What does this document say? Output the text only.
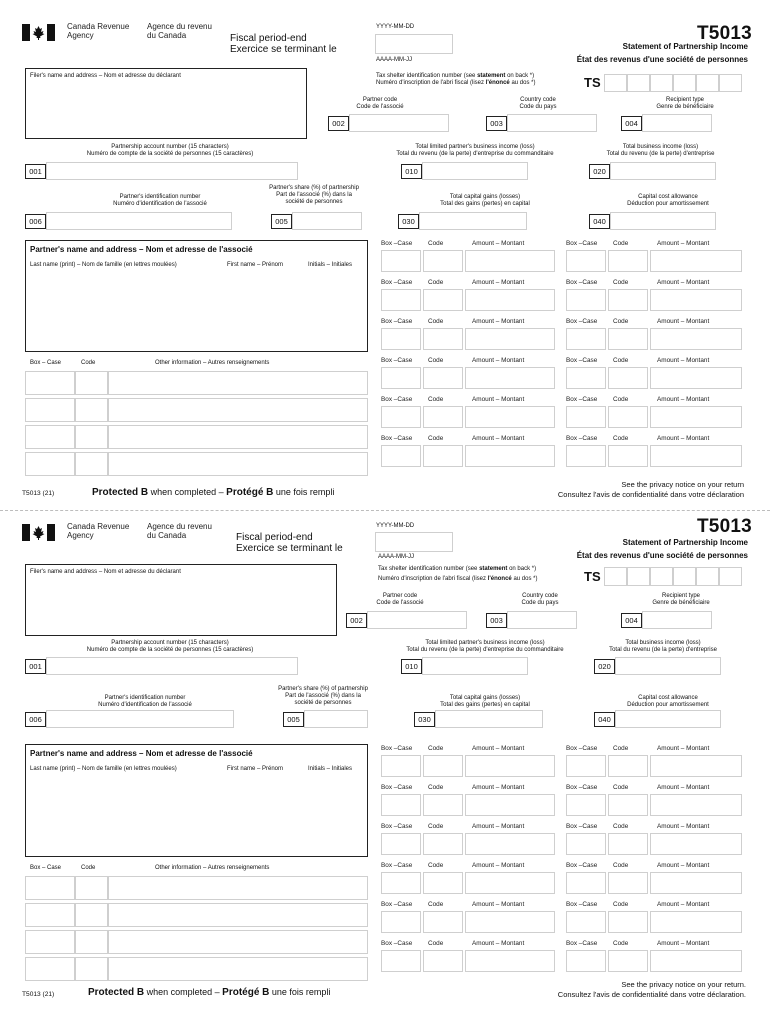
Canada Revenue
Agency
Agence du revenu
du Canada	Fiscal period-end
Exercice se terminant le
YYYY-MM-DD
AAAA-MM-JJ
T5013
Statement of Partnership Income
État des revenus d'une société de personnes
Filer's name and address – Nom et adresse du déclarant	Tax shelter identification number (see statement on back *)
Numéro d'inscription de l'abri fiscal (lisez l'énoncé au dos *)	TS
Partner code
Code de l'associé
002
Country code
Code du pays
003
Recipient type
Genre de bénéficiaire
004
Partnership account number (15 characters)
Numéro de compte de la société de personnes (15 caractères)
001
Total limited partner's business income (loss)
Total du revenu (de la perte) d'entreprise du commanditaire
010
Total business income (loss)
Total du revenu (de la perte) d'entreprise
020
Partner's identification number
Numéro d'identification de l'associé
006
Partner's share (%) of partnership
Part de l'associé (%) dans la
société de personnes
005
Total capital gains (losses)
Total des gains (pertes) en capital
030
Capital cost allowance
Déduction pour amortissement
040
Partner's name and address – Nom et adresse de l'associé
Last name (print) – Nom de famille (en lettres moulées)	First name – Prénom	Initials – Initiales
Box – Case	Code	Other information – Autres renseignements
Box –Case Code	Amount – Montant	Box –Case Code	Amount – Montant
Box –Case Code	Amount – Montant	Box –Case Code	Amount – Montant
Box –Case Code	Amount – Montant	Box –Case Code	Amount – Montant
Box –Case Code	Amount – Montant	Box –Case Code	Amount – Montant
Box –Case Code	Amount – Montant	Box –Case Code	Amount – Montant
Box –Case Code	Amount – Montant	Box –Case Code	Amount – Montant
T5013 (21)	Protected B when completed – Protégé B une fois rempli
See the privacy notice on your return
Consultez l'avis de confidentialité dans votre déclaration
Canada Revenue
Agency
Agence du revenu
du Canada	Fiscal period-end
Exercice se terminant le
YYYY-MM-DD
AAAA-MM-JJ
T5013
Statement of Partnership Income
État des revenus d'une société de personnes
Filer's name and address – Nom et adresse du déclarant	Tax shelter identification number (see statement on back *)
Numéro d'inscription de l'abri fiscal (lisez l'énoncé au dos *)	TS
Partner code
Code de l'associé
002
Country code
Code du pays
003
Recipient type
Genre de bénéficiaire
004
Partnership account number (15 characters)
Numéro de compte de la société de personnes (15 caractères)
001
Total limited partner's business income (loss)
Total du revenu (de la perte) d'entreprise du commanditaire
010
Total business income (loss)
Total du revenu (de la perte) d'entreprise
020
Partner's identification number
Numéro d'identification de l'associé
006
Partner's share (%) of partnership
Part de l'associé (%) dans la
société de personnes
005
Total capital gains (losses)
Total des gains (pertes) en capital
030
Capital cost allowance
Déduction pour amortissement
040
Partner's name and address – Nom et adresse de l'associé
Last name (print) – Nom de famille (en lettres moulées)	First name – Prénom	Initials – Initiales
Box – Case	Code	Other information – Autres renseignements
Box –Case Code	Amount – Montant	Box –Case Code	Amount – Montant
Box –Case Code	Amount – Montant	Box –Case Code	Amount – Montant
Box –Case Code	Amount – Montant	Box –Case Code	Amount – Montant
Box –Case Code	Amount – Montant	Box –Case Code	Amount – Montant
Box –Case Code	Amount – Montant	Box –Case Code	Amount – Montant
Box –Case Code	Amount – Montant	Box –Case Code	Amount – Montant
T5013 (21)	Protected B when completed – Protégé B une fois rempli
See the privacy notice on your return.
Consultez l'avis de confidentialité dans votre déclaration.
